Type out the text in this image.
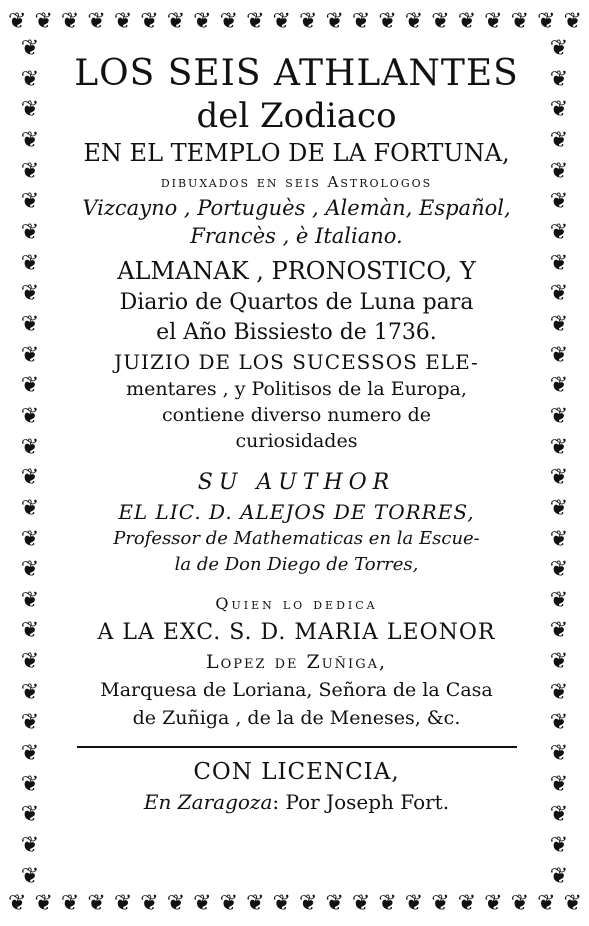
❦ ❦ ❦ ❦ ❦ ❦ ❦ ❦ ❦ ❦ ❦ ❦ ❦ ❦ ❦ ❦ ❦ ❦ ❦ ❦ ❦ ❦
❦ ❦ ❦ ❦ ❦ ❦ ❦ ❦ ❦ ❦ ❦ ❦ ❦ ❦ ❦ ❦ ❦ ❦ ❦ ❦ ❦ ❦
❦
❦
❦
❦
❦
❦
❦
❦
❦
❦
❦
❦
❦
❦
❦
❦
❦
❦
❦
❦
❦
❦
❦
❦
❦
❦
❦
❦
❦
❦
❦
❦
❦
❦
❦
❦
❦
❦
❦
❦
❦
❦
❦
❦
❦
❦
❦
❦
❦
❦
❦
❦
❦
❦
❦
❦
LOS SEIS ATHLANTES
del Zodiaco
EN EL TEMPLO DE LA FORTUNA,
dibuxados en seis Astrologos
Vizcayno , Portuguès , Alemàn, Español,
Francès , è Italiano.
ALMANAK , PRONOSTICO, Y
Diario de Quartos de Luna para
el Año Bissiesto de 1736.
JUIZIO DE LOS SUCESSOS ELE-
mentares , y Politisos de la Europa,
contiene diverso numero de
curiosidades
SU AUTHOR
EL LIC. D. ALEJOS DE TORRES,
Professor de Mathematicas en la Escue-
la de Don Diego de Torres,
Quien lo dedica
A LA EXC. S. D. MARIA LEONOR
Lopez de Zuñiga,
Marquesa de Loriana, Señora de la Casa
de Zuñiga , de la de Meneses, &c.
CON LICENCIA,
En Zaragoza: Por Joseph Fort.
